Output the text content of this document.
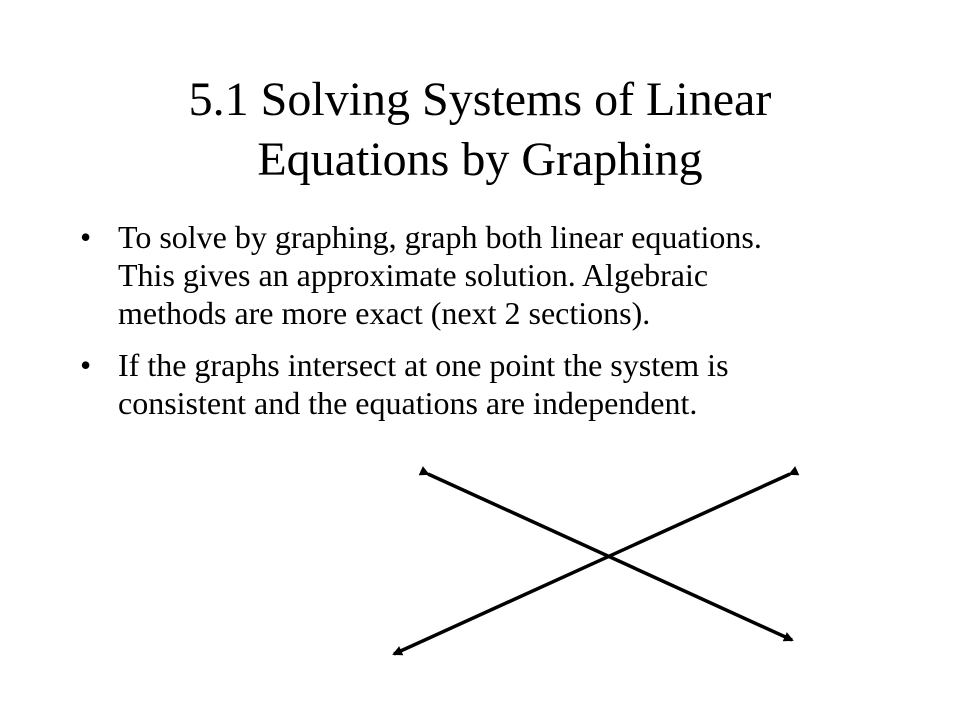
5.1 Solving Systems of Linear
Equations by Graphing
• To solve by graphing, graph both linear equations.
This gives an approximate solution. Algebraic
methods are more exact (next 2 sections).
• If the graphs intersect at one point the system is
consistent and the equations are independent.
